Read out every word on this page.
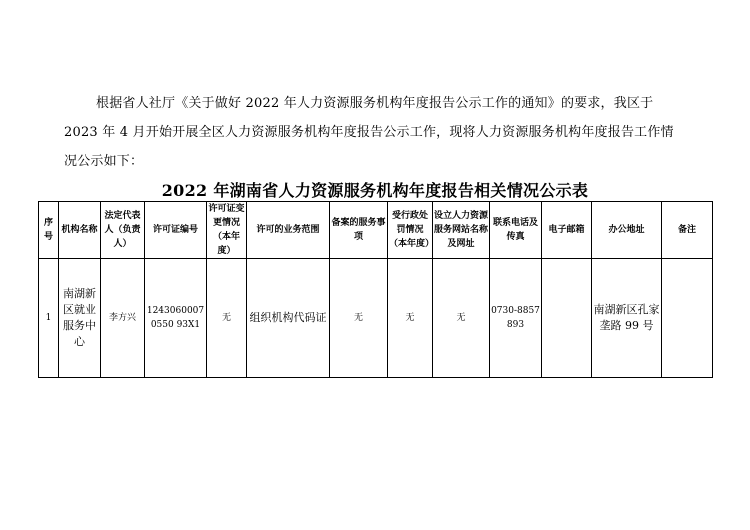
根据省人社厅《关于做好 2022 年人力资源服务机构年度报告公示工作的通知》的要求，我区于 2023 年 4 月开始开展全区人力资源服务机构年度报告公示工作，现将人力资源服务机构年度报告工作情况公示如下：
2022 年湖南省人力资源服务机构年度报告相关情况公示表
序号	机构名称	法定代表人（负责人）	许可证编号	许可证变更情况（本年度）	许可的业务范围	备案的服务事项	受行政处罚情况（本年度）	设立人力资源服务网站名称及网址	联系电话及传真	电子邮箱	办公地址	备注
1	南湖新区就业服务中心	李方兴	12430600070550 93X1	无	组织机构代码证	无	无	无	0730-8857893		南湖新区孔家垄路 99 号	
